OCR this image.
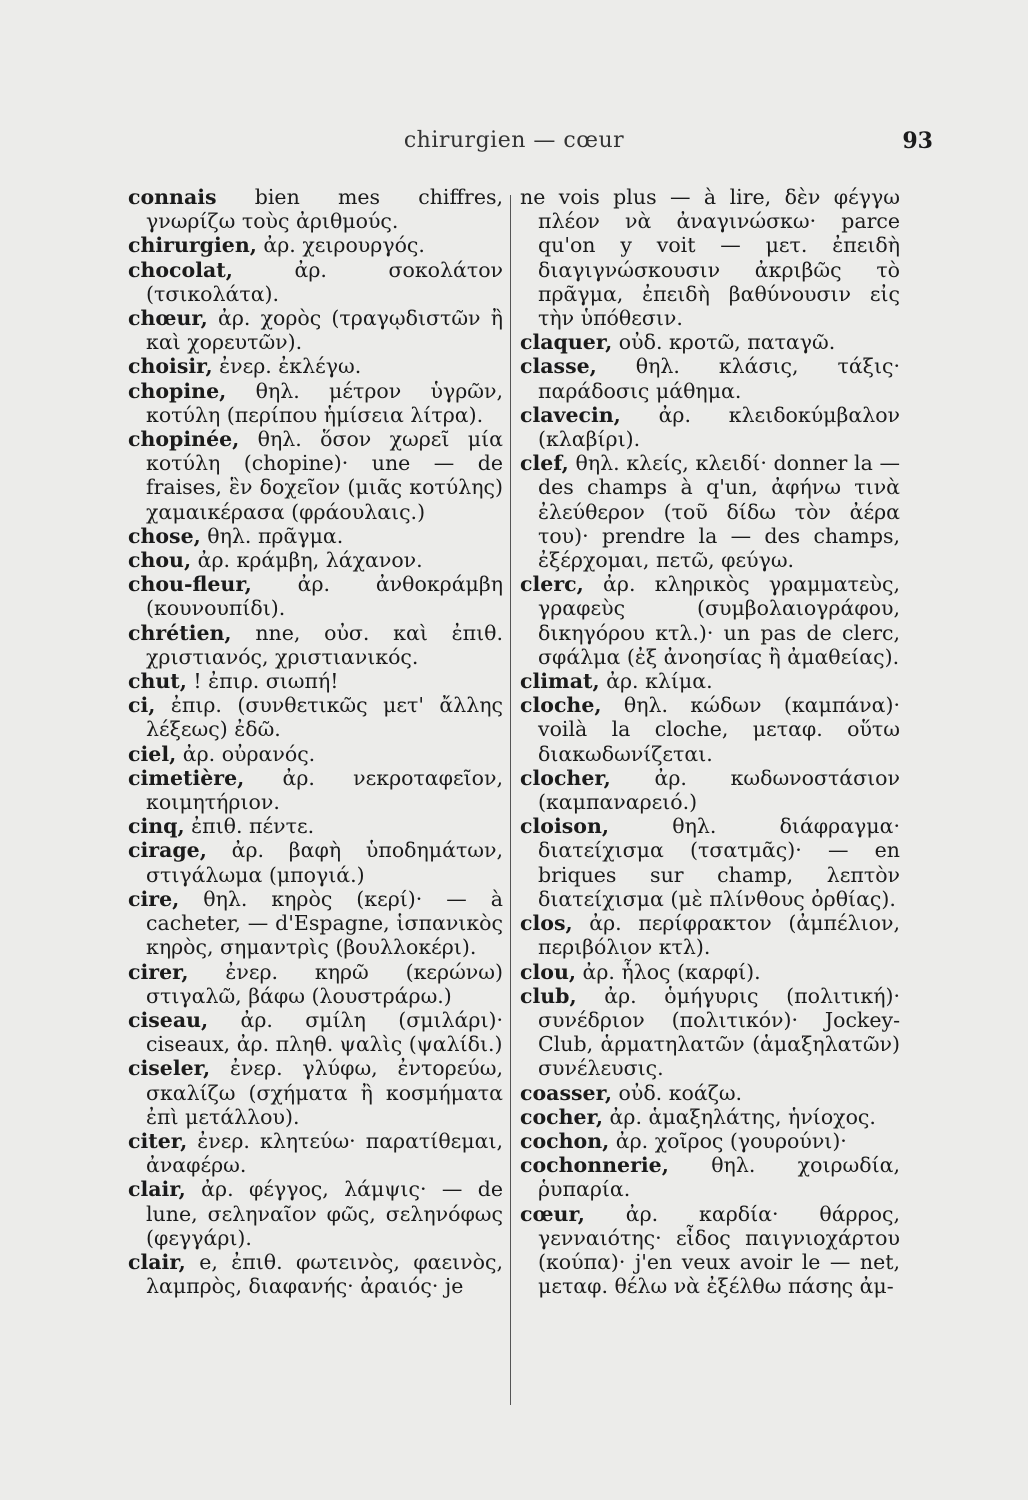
chirurgien — cœur	93

connais bien mes chiffres, γνωρίζω τοὺς ἀριθμούς.

chirurgien, ἀρ. χειρουργός.

chocolat, ἀρ. σοκολάτον (τσικολάτα).

chœur, ἀρ. χορὸς (τραγῳδιστῶν ἢ καὶ χορευτῶν).

choisir, ἐνερ. ἐκλέγω.

chopine, θηλ. μέτρον ὑγρῶν, κοτύλη (περίπου ἡμίσεια λίτρα).

chopinée, θηλ. ὅσον χωρεῖ μία κοτύλη (chopine)· une — de fraises, ἓν δοχεῖον (μιᾶς κοτύλης) χαμαικέρασα (φράουλαις.)

chose, θηλ. πρᾶγμα.

chou, ἀρ. κράμβη, λάχανον.

chou-fleur, ἀρ. ἀνθοκράμβη (κουνουπίδι).

chrétien, nne, οὐσ. καὶ ἐπιθ. χριστιανός, χριστιανικός.

chut, ! ἐπιρ. σιωπή!

ci, ἐπιρ. (συνθετικῶς μετ' ἄλλης λέξεως) ἐδῶ.

ciel, ἀρ. οὐρανός.

cimetière, ἀρ. νεκροταφεῖον, κοιμητήριον.

cinq, ἐπιθ. πέντε.

cirage, ἀρ. βαφὴ ὑποδημάτων, στιγάλωμα (μπογιά.)

cire, θηλ. κηρὸς (κερί)· — à cacheter, — d'Espagne, ἱσπανικὸς κηρὸς, σημαντρὶς (βουλλοκέρι).

cirer, ἐνερ. κηρῶ (κερώνω) στιγαλῶ, βάφω (λουστράρω.)

ciseau, ἀρ. σμίλη (σμιλάρι)· ciseaux, ἀρ. πληθ. ψαλὶς (ψαλίδι.)

ciseler, ἐνερ. γλύφω, ἐντορεύω, σκαλίζω (σχήματα ἢ κοσμήματα ἐπὶ μετάλλου).

citer, ἐνερ. κλητεύω· παρατίθεμαι, ἀναφέρω.

clair, ἀρ. φέγγος, λάμψις· — de lune, σεληναῖον φῶς, σεληνόφως (φεγγάρι).

clair, e, ἐπιθ. φωτεινὸς, φαεινὸς, λαμπρὸς, διαφανής· ἀραιός· je

ne vois plus — à lire, δὲν φέγγω πλέον νὰ ἀναγινώσκω· parce qu'on y voit — μετ. ἐπειδὴ διαγιγνώσκουσιν ἀκριβῶς τὸ πρᾶγμα, ἐπειδὴ βαθύνουσιν εἰς τὴν ὑπόθεσιν.

claquer, οὐδ. κροτῶ, παταγῶ.

classe, θηλ. κλάσις, τάξις· παράδοσις μάθημα.

clavecin, ἀρ. κλειδοκύμβαλον (κλαβίρι).

clef, θηλ. κλείς, κλειδί· donner la — des champs à q'un, ἀφήνω τινὰ ἐλεύθερον (τοῦ δίδω τὸν ἀέρα του)· prendre la — des champs, ἐξέρχομαι, πετῶ, φεύγω.

clerc, ἀρ. κληρικὸς γραμματεὺς, γραφεὺς (συμβολαιογράφου, δικηγόρου κτλ.)· un pas de clerc, σφάλμα (ἐξ ἀνοησίας ἢ ἀμαθείας).

climat, ἀρ. κλίμα.

cloche, θηλ. κώδων (καμπάνα)· voilà la cloche, μεταφ. οὕτω διακωδωνίζεται.

clocher, ἀρ. κωδωνοστάσιον (καμπαναρειό.)

cloison, θηλ. διάφραγμα· διατείχισμα (τσατμᾶς)· — en briques sur champ, λεπτὸν διατείχισμα (μὲ πλίνθους ὀρθίας).

clos, ἀρ. περίφρακτον (ἀμπέλιον, περιβόλιον κτλ).

clou, ἀρ. ἧλος (καρφί).

club, ἀρ. ὁμήγυρις (πολιτική)· συνέδριον (πολιτικόν)· Jockey-Club, ἁρματηλατῶν (ἁμαξηλατῶν) συνέλευσις.

coasser, οὐδ. κοάζω.

cocher, ἀρ. ἁμαξηλάτης, ἡνίοχος.

cochon, ἀρ. χοῖρος (γουρούνι)·

cochonnerie, θηλ. χοιρωδία, ῥυπαρία.

cœur, ἀρ. καρδία· θάρρος, γενναιότης· εἶδος παιγνιοχάρτου (κούπα)· j'en veux avoir le — net, μεταφ. θέλω νὰ ἐξέλθω πάσης ἀμ-
